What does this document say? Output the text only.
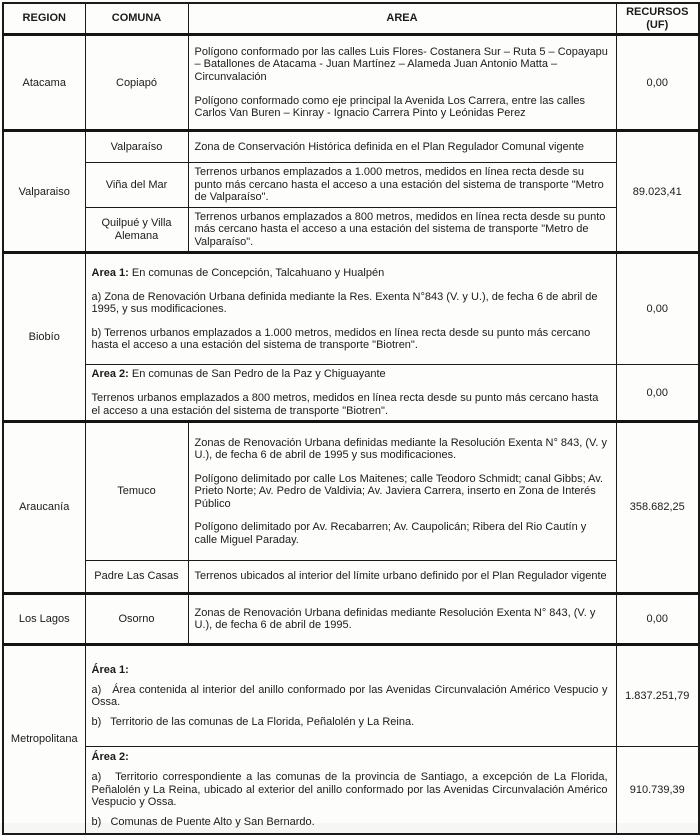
REGION	COMUNA	AREA	RECURSOS
(UF)

Atacama	Copiapó	Polígono conformado por las calles Luis Flores- Costanera Sur – Ruta 5 – Copayapu – Batallones de Atacama - Juan Martínez – Alameda Juan Antonio Matta – Circunvalación

Polígono conformado como eje principal la Avenida Los Carrera, entre las calles Carlos Van Buren – Kinray - Ignacio Carrera Pinto y Leónidas Perez	0,00
Valparaiso	Valparaíso	Zona de Conservación Histórica definida en el Plan Regulador Comunal vigente	89.023,41
	Viña del Mar	Terrenos urbanos emplazados a 1.000 metros, medidos en línea recta desde su punto más cercano hasta el acceso a una estación del sistema de transporte "Metro de Valparaíso".	

	Quilpué y Villa Alemana	Terrenos urbanos emplazados a 800 metros, medidos en línea recta desde su punto más cercano hasta el acceso a una estación del sistema de transporte "Metro de Valparaíso".	

Biobío	Area 1: En comunas de Concepción, Talcahuano y Hualpén

a) Zona de Renovación Urbana definida mediante la Res. Exenta N°843 (V. y U.), de fecha 6 de abril de 1995, y sus modificaciones.

b) Terrenos urbanos emplazados a 1.000 metros, medidos en línea recta desde su punto más cercano hasta el acceso a una estación del sistema de transporte "Biotren".		0,00

	Area 2: En comunas de San Pedro de la Paz y Chiguayante

Terrenos urbanos emplazados a 800 metros, medidos en línea recta desde su punto más cercano hasta el acceso a una estación del sistema de transporte "Biotren".		0,00
Araucanía	Temuco	Zonas de Renovación Urbana definidas mediante la Resolución Exenta N° 843, (V. y U.), de fecha 6 de abril de 1995 y sus modificaciones.

Polígono delimitado por calle Los Maitenes; calle Teodoro Schmidt; canal Gibbs; Av. Prieto Norte; Av. Pedro de Valdivia; Av. Javiera Carrera, inserto en Zona de Interés Público

Polígono delimitado por Av. Recabarren; Av. Caupolicán; Ribera del Rio Cautín y calle Miguel Paraday.	358.682,25
	Padre Las Casas	Terrenos ubicados al interior del límite urbano definido por el Plan Regulador vigente	

Los Lagos	Osorno	Zonas de Renovación Urbana definidas mediante Resolución Exenta N° 843, (V. y U.), de fecha 6 de abril de 1995.	0,00
Metropolitana	Área 1:

a)   Área contenida al interior del anillo conformado por las Avenidas Circunvalación Américo Vespucio y Ossa.

b)   Territorio de las comunas de La Florida, Peñalolén y La Reina.		1.837.251,79

	Área 2:

a)   Territorio correspondiente a las comunas de la provincia de Santiago, a excepción de La Florida, Peñalolén y La Reina, ubicado al exterior del anillo conformado por las Avenidas Circunvalación Américo Vespucio y Ossa.

b)   Comunas de Puente Alto y San Bernardo.		910.739,39
